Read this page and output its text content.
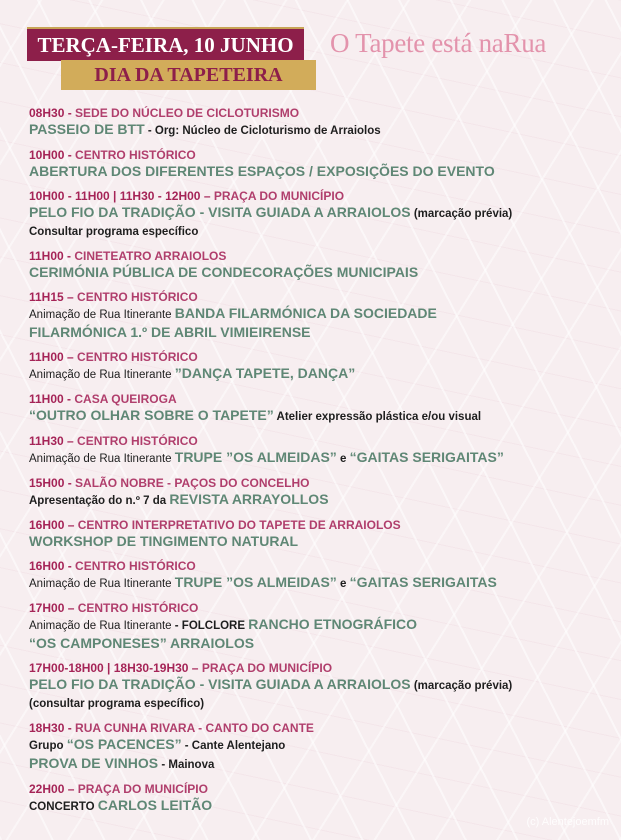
TERÇA-FEIRA, 10 JUNHO
DIA DA TAPETEIRA
O Tapete está naRua
08H30 - SEDE DO NÚCLEO DE CICLOTURISMO
PASSEIO DE BTT - Org: Núcleo de Cicloturismo de Arraiolos
10H00 - CENTRO HISTÓRICO
ABERTURA DOS DIFERENTES ESPAÇOS / EXPOSIÇÕES DO EVENTO
10H00 - 11H00 | 11H30 - 12H00 – PRAÇA DO MUNICÍPIO
PELO FIO DA TRADIÇÃO - VISITA GUIADA A ARRAIOLOS (marcação prévia)
Consultar programa específico
11H00 - CINETEATRO ARRAIOLOS
CERIMÓNIA PÚBLICA DE CONDECORAÇÕES MUNICIPAIS
11H15 – CENTRO HISTÓRICO
Animação de Rua Itinerante BANDA FILARMÓNICA DA SOCIEDADE
FILARMÓNICA 1.º DE ABRIL VIMIEIRENSE
11H00 – CENTRO HISTÓRICO
Animação de Rua Itinerante ”DANÇA TAPETE, DANÇA”
11H00 - CASA QUEIROGA
“OUTRO OLHAR SOBRE O TAPETE” Atelier expressão plástica e/ou visual
11H30 – CENTRO HISTÓRICO
Animação de Rua Itinerante TRUPE ”OS ALMEIDAS” e “GAITAS SERIGAITAS”
15H00 - SALÃO NOBRE - PAÇOS DO CONCELHO
Apresentação do n.º 7 da REVISTA ARRAYOLLOS
16H00 – CENTRO INTERPRETATIVO DO TAPETE DE ARRAIOLOS
WORKSHOP DE TINGIMENTO NATURAL
16H00 - CENTRO HISTÓRICO
Animação de Rua Itinerante TRUPE ”OS ALMEIDAS” e “GAITAS SERIGAITAS
17H00 – CENTRO HISTÓRICO
Animação de Rua Itinerante - FOLCLORE RANCHO ETNOGRÁFICO
“OS CAMPONESES” ARRAIOLOS
17H00-18H00 | 18H30-19H30 – PRAÇA DO MUNICÍPIO
PELO FIO DA TRADIÇÃO - VISITA GUIADA A ARRAIOLOS (marcação prévia)
(consultar programa específico)
18H30 - RUA CUNHA RIVARA - CANTO DO CANTE
Grupo “OS PACENCES” - Cante Alentejano
PROVA DE VINHOS - Mainova
22H00 – PRAÇA DO MUNICÍPIO
CONCERTO CARLOS LEITÃO
(c) Alentejoemfm
